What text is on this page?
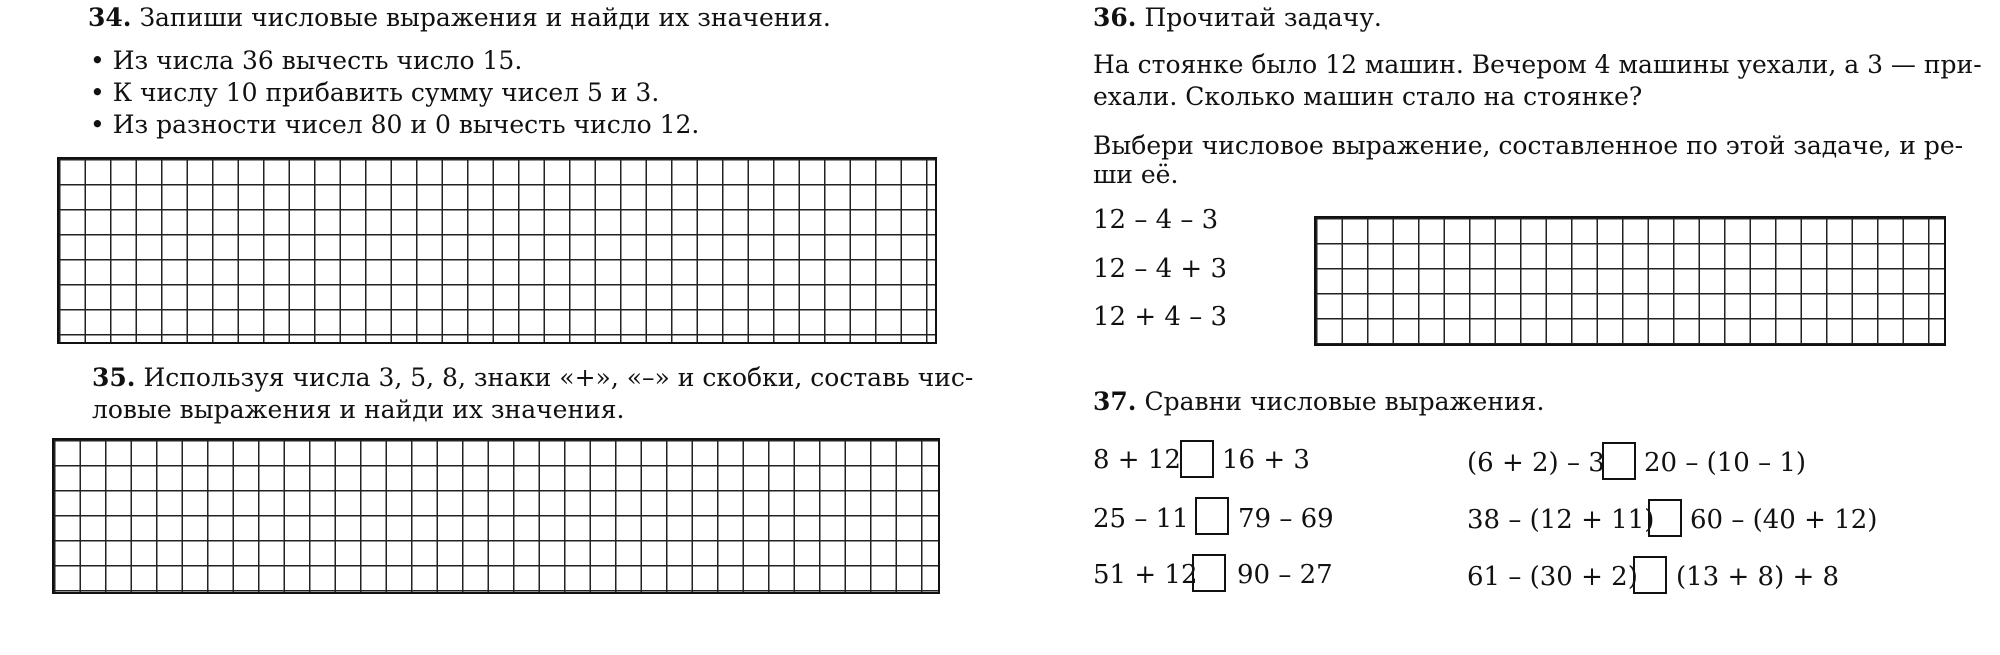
34. Запиши числовые выражения и найди их значения.
• Из числа 36 вычесть число 15.
• К числу 10 прибавить сумму чисел 5 и 3.
• Из разности чисел 80 и 0 вычесть число 12.
35. Используя числа 3, 5, 8, знаки «+», «–» и скобки, составь чис-
ловые выражения и найди их значения.
36. Прочитай задачу.
На стоянке было 12 машин. Вечером 4 машины уехали, а 3 — при-
ехали. Сколько машин стало на стоянке?
Выбери числовое выражение, составленное по этой задаче, и ре-
ши её.
12 – 4 – 3
12 – 4 + 3
12 + 4 – 3
37. Сравни числовые выражения.
8 + 12 16 + 3
25 – 11 79 – 69
51 + 12 90 – 27
(6 + 2) – 3 20 – (10 – 1)
38 – (12 + 11) 60 – (40 + 12)
61 – (30 + 2) (13 + 8) + 8
